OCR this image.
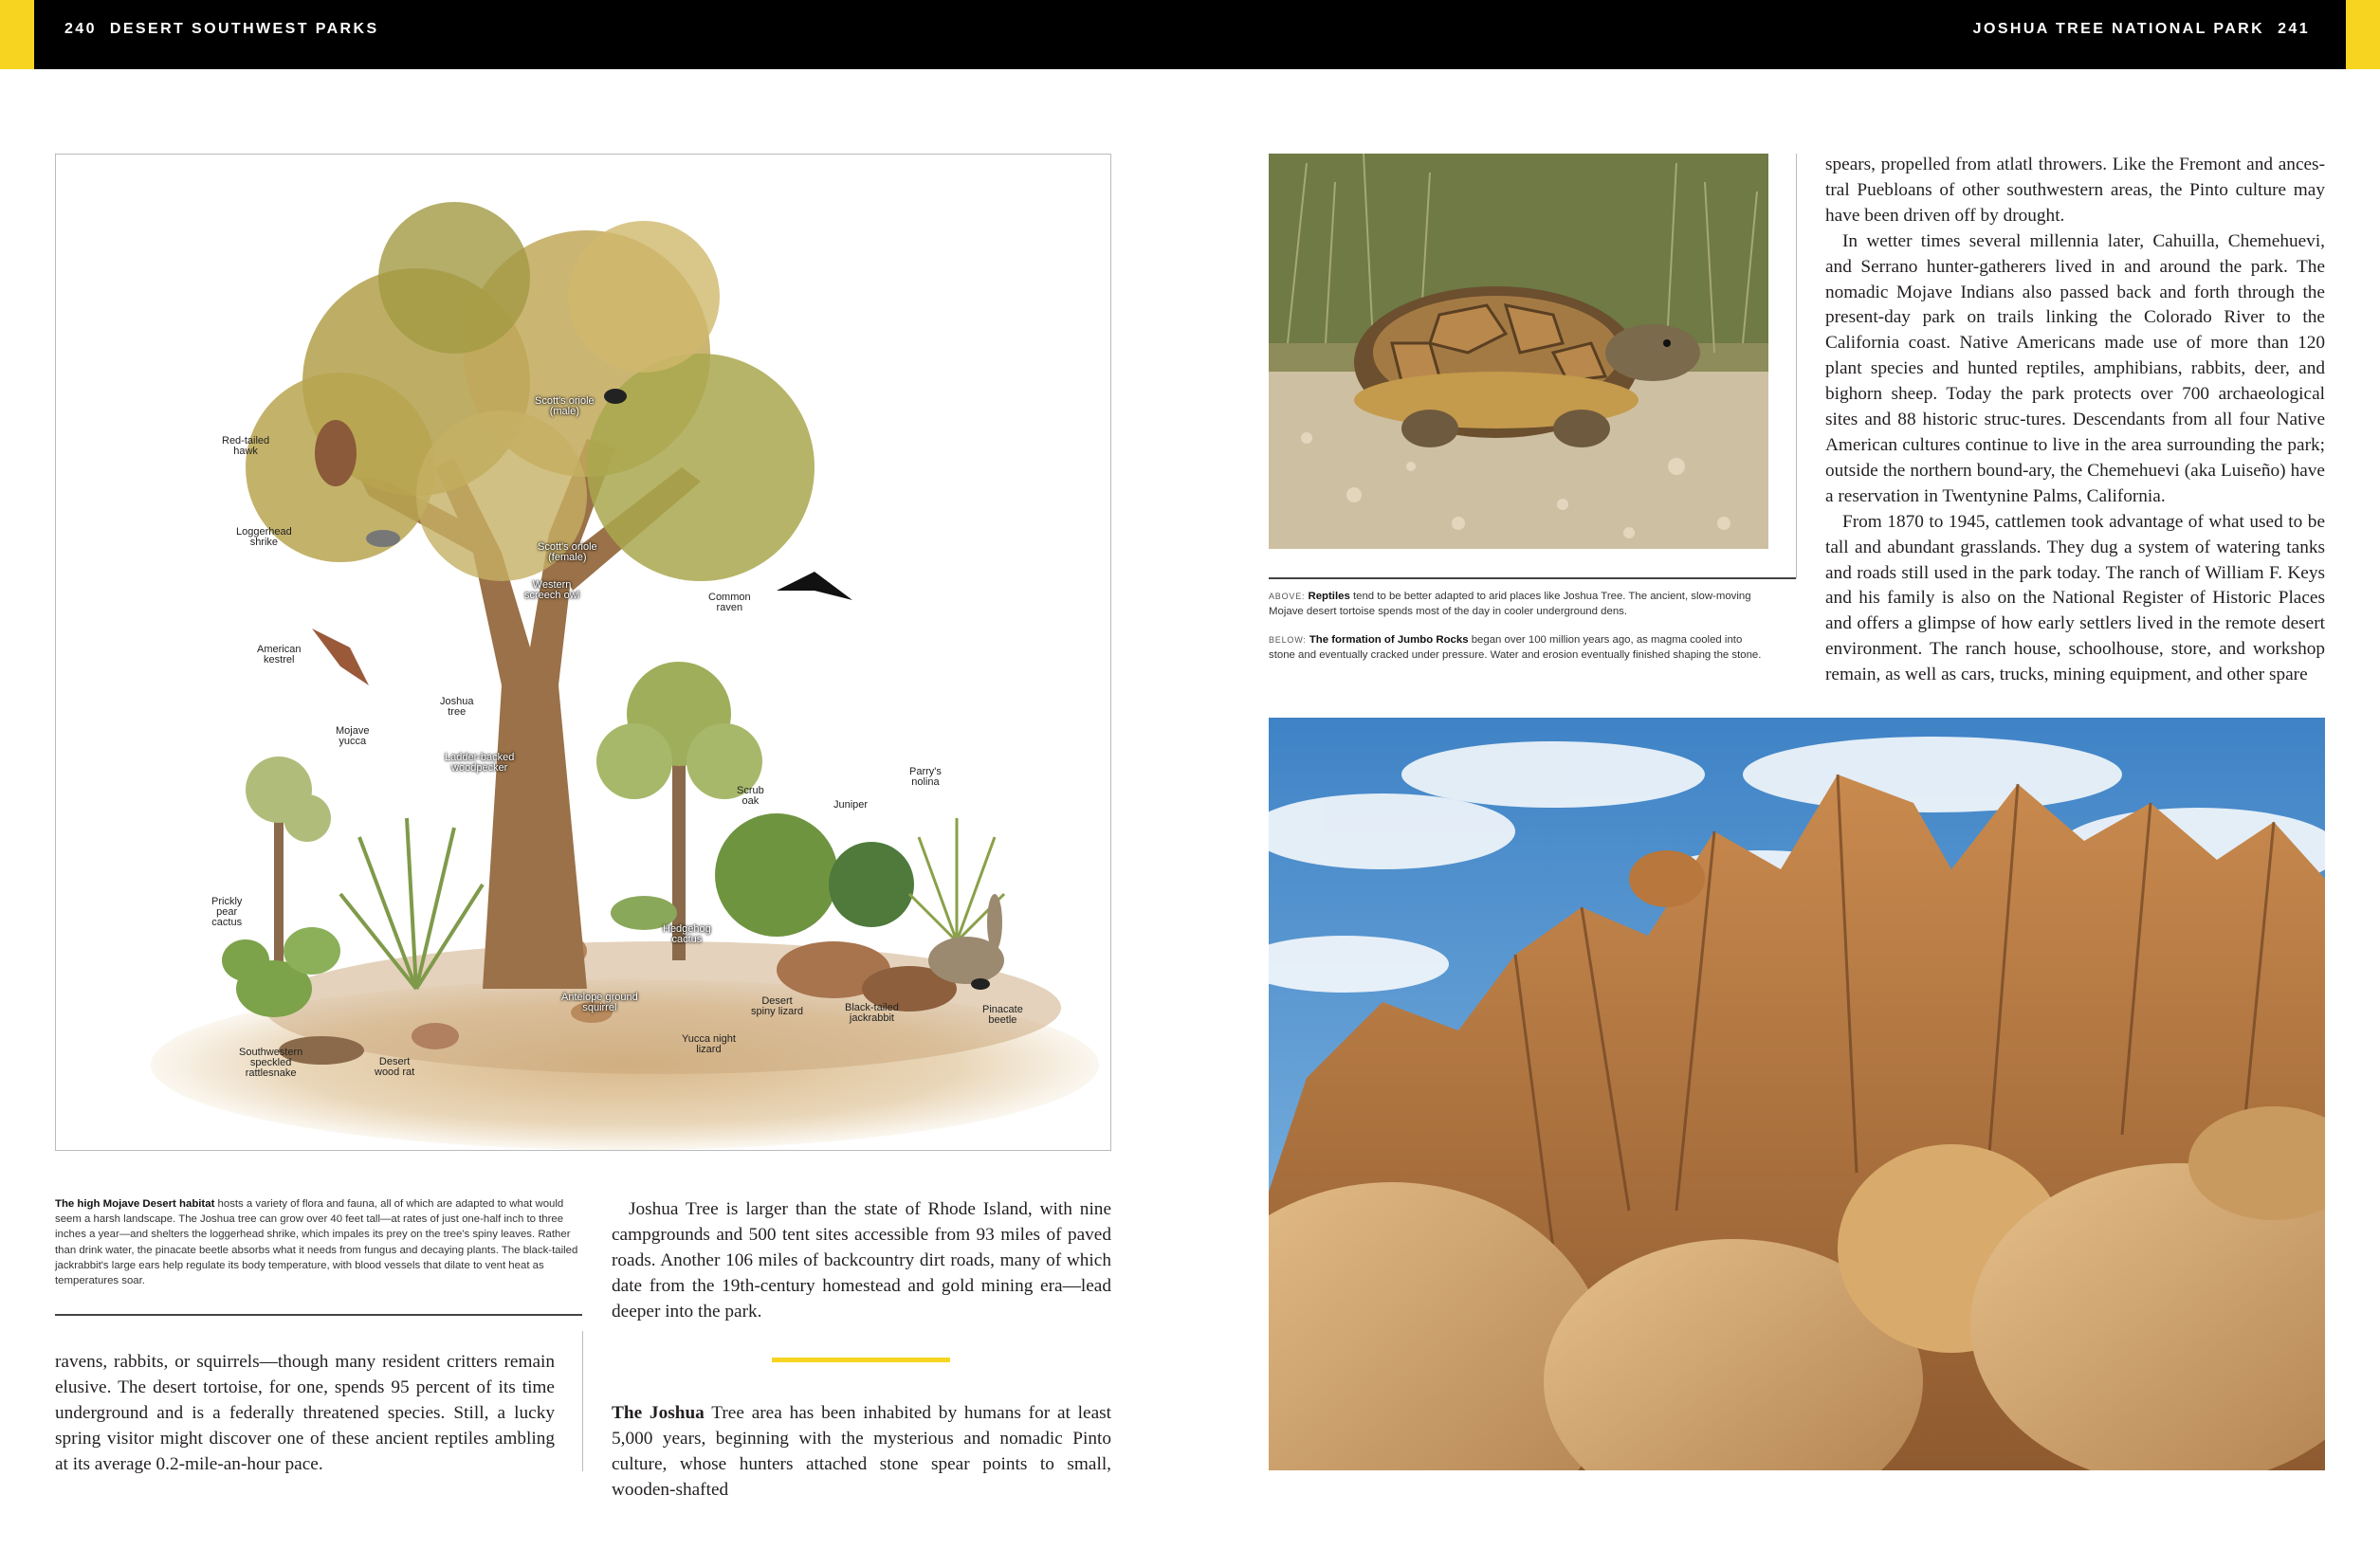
240 DESERT SOUTHWEST PARKS	JOSHUA TREE NATIONAL PARK 241
Red-tailed
hawk
Scott's oriole
(male)
Loggerhead
shrike	Scott's oriole
(female)
Western
screech owl	Common
raven
American
kestrel
Joshua
tree
Mojave
yucca
Ladder-backed
woodpecker
Scrub
oak	Juniper
Parry's
nolina
Prickly
pear
cactus
Hedgehog
cactus
Antelope ground
squirrel
Desert
spiny lizard	Black-tailed
jackrabbit
Pinacate
beetle
Yucca night
lizard
Southwestern
speckled
rattlesnake
Desert
wood rat
The high Mojave Desert habitat hosts a variety of flora and fauna, all of which are adapted to what would seem a harsh landscape. The Joshua tree can grow over 40 feet tall—at rates of just one-half inch to three inches a year—and shelters the loggerhead shrike, which impales its prey on the tree's spiny leaves. Rather than drink water, the pinacate beetle absorbs what it needs from fungus and decaying plants. The black-tailed jackrabbit's large ears help regulate its body temperature, with blood vessels that dilate to vent heat as temperatures soar.

ravens, rabbits, or squirrels—though many resident critters remain elusive. The desert tortoise, for one, spends 95 percent of its time underground and is a federally threatened species. Still, a lucky spring visitor might discover one of these ancient reptiles ambling at its average 0.2-mile-an-hour pace.

Joshua Tree is larger than the state of Rhode Island, with nine campgrounds and 500 tent sites accessible from 93 miles of paved roads. Another 106 miles of backcountry dirt roads, many of which date from the 19th-century homestead and gold mining era—lead deeper into the park.

The Joshua Tree area has been inhabited by humans for at least 5,000 years, beginning with the mysterious and nomadic Pinto culture, whose hunters attached stone spear points to small, wooden-shafted

ABOVE: Reptiles tend to be better adapted to arid places like Joshua Tree. The ancient, slow-moving Mojave desert tortoise spends most of the day in cooler underground dens.
BELOW: The formation of Jumbo Rocks began over 100 million years ago, as magma cooled into stone and eventually cracked under pressure. Water and erosion eventually finished shaping the stone.

spears, propelled from atlatl throwers. Like the Fremont and ances-tral Puebloans of other southwestern areas, the Pinto culture may have been driven off by drought.

In wetter times several millennia later, Cahuilla, Chemehuevi, and Serrano hunter-gatherers lived in and around the park. The nomadic Mojave Indians also passed back and forth through the present-day park on trails linking the Colorado River to the California coast. Native Americans made use of more than 120 plant species and hunted reptiles, amphibians, rabbits, deer, and bighorn sheep. Today the park protects over 700 archaeological sites and 88 historic struc-tures. Descendants from all four Native American cultures continue to live in the area surrounding the park; outside the northern bound-ary, the Chemehuevi (aka Luiseño) have a reservation in Twentynine Palms, California.

From 1870 to 1945, cattlemen took advantage of what used to be tall and abundant grasslands. They dug a system of watering tanks and roads still used in the park today. The ranch of William F. Keys and his family is also on the National Register of Historic Places and offers a glimpse of how early settlers lived in the remote desert environment. The ranch house, schoolhouse, store, and workshop remain, as well as cars, trucks, mining equipment, and other spare
